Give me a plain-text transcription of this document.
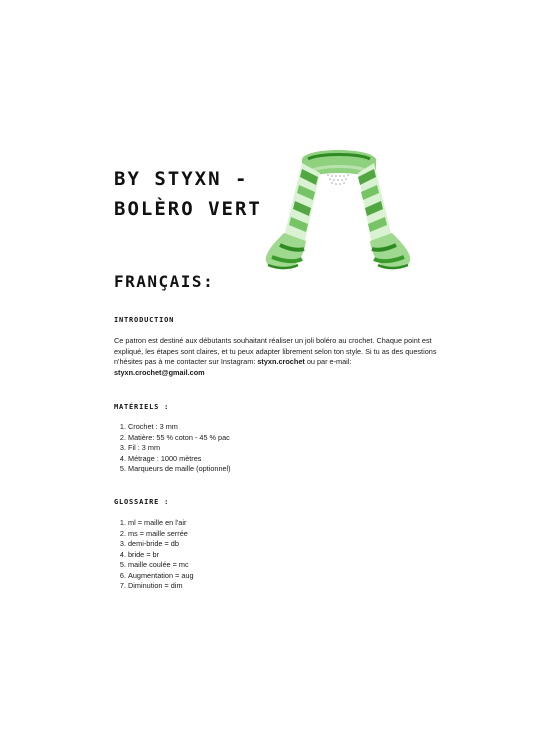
BY STYXN -
BOLÈRO VERT
FRANÇAIS:
INTRODUCTION

Ce patron est destiné aux débutants souhaitant réaliser un joli boléro au crochet. Chaque point est expliqué, les étapes sont claires, et tu peux adapter librement selon ton style. Si tu as des questions n'hésites pas à me contacter sur Instagram: styxn.crochet ou par e-mail: styxn.crochet@gmail.com

MATÉRIELS :
1. Crochet : 3 mm
2. Matière: 55 % coton - 45 % pac
3. Fil : 3 mm
4. Métrage : 1000 mètres
5. Marqueurs de maille (optionnel)
GLOSSAIRE :
1. ml = maille en l'air
2. ms = maille serrée
3. demi-bride = db
4. bride = br
5. maille coulée = mc
6. Augmentation = aug
7. Diminution = dim
